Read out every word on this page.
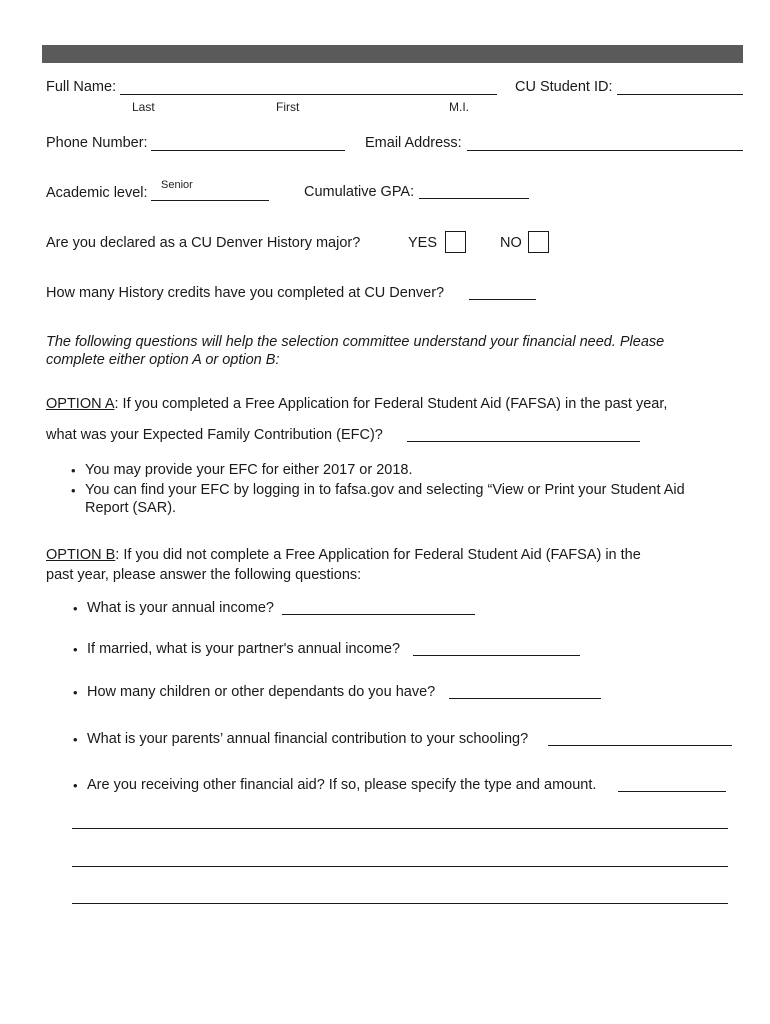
Full Name:	CU Student ID:
Last	First	M.I.
Phone Number:	Email Address:
Academic level: Senior	Cumulative GPA:
Are you declared as a CU Denver History major?	YES	NO
How many History credits have you completed at CU Denver?
The following questions will help the selection committee understand your financial need. Please
complete either option A or option B:
OPTION A: If you completed a Free Application for Federal Student Aid (FAFSA) in the past year,
what was your Expected Family Contribution (EFC)?
• You may provide your EFC for either 2017 or 2018.
• You can find your EFC by logging in to fafsa.gov and selecting “View or Print your Student Aid
Report (SAR).
OPTION B: If you did not complete a Free Application for Federal Student Aid (FAFSA) in the
past year, please answer the following questions:
• What is your annual income?
• If married, what is your partner's annual income?
• How many children or other dependants do you have?
• What is your parents’ annual financial contribution to your schooling?
• Are you receiving other financial aid? If so, please specify the type and amount.
